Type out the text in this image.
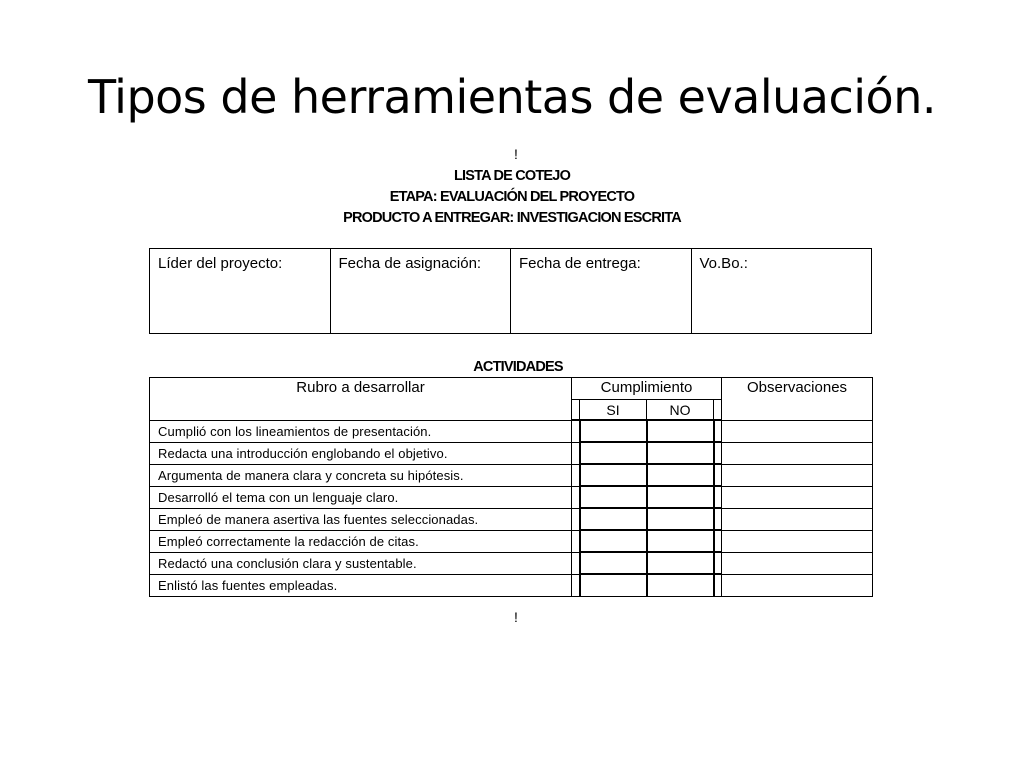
Tipos de herramientas de evaluación.
!
LISTA DE COTEJO
ETAPA: EVALUACIÓN DEL PROYECTO
PRODUCTO A ENTREGAR: INVESTIGACION ESCRITA
Líder del proyecto:	Fecha de asignación:	Fecha de entrega:	Vo.Bo.:
ACTIVIDADES
Rubro a desarrollar	Cumplimiento				Observaciones
		SI	NO		
Cumplió con los lineamientos de presentación.					
Redacta una introducción englobando el objetivo.					
Argumenta de manera clara y concreta su hipótesis.					
Desarrolló el tema con un lenguaje claro.					
Empleó de manera asertiva las fuentes seleccionadas.					
Empleó correctamente la redacción de citas.					
Redactó una conclusión clara y sustentable.					
Enlistó las fuentes empleadas.					
!
